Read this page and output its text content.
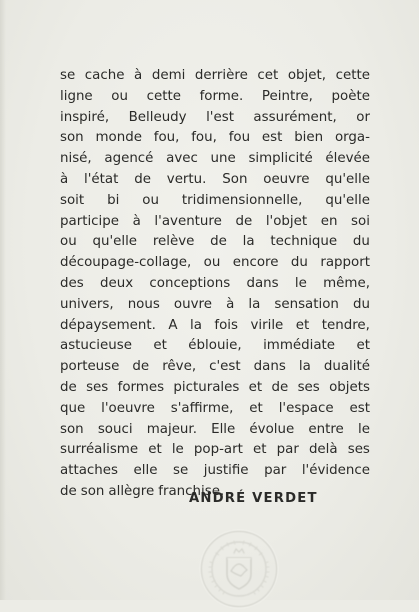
se cache à demi derrière cet objet, cette
ligne ou cette forme. Peintre, poète
inspiré, Belleudy l'est assurément, or
son monde fou, fou, fou est bien orga-
nisé, agencé avec une simplicité élevée
à l'état de vertu. Son oeuvre qu'elle
soit bi ou tridimensionnelle, qu'elle
participe à l'aventure de l'objet en soi
ou qu'elle relève de la technique du
découpage-collage, ou encore du rapport
des deux conceptions dans le même,
univers, nous ouvre à la sensation du
dépaysement. A la fois virile et tendre,
astucieuse et éblouie, immédiate et
porteuse de rêve, c'est dans la dualité
de ses formes picturales et de ses objets
que l'oeuvre s'affirme, et l'espace est
son souci majeur. Elle évolue entre le
surréalisme et le pop-art et par delà ses
attaches elle se justifie par l'évidence
de son allègre franchise.
ANDRÉ VERDET
